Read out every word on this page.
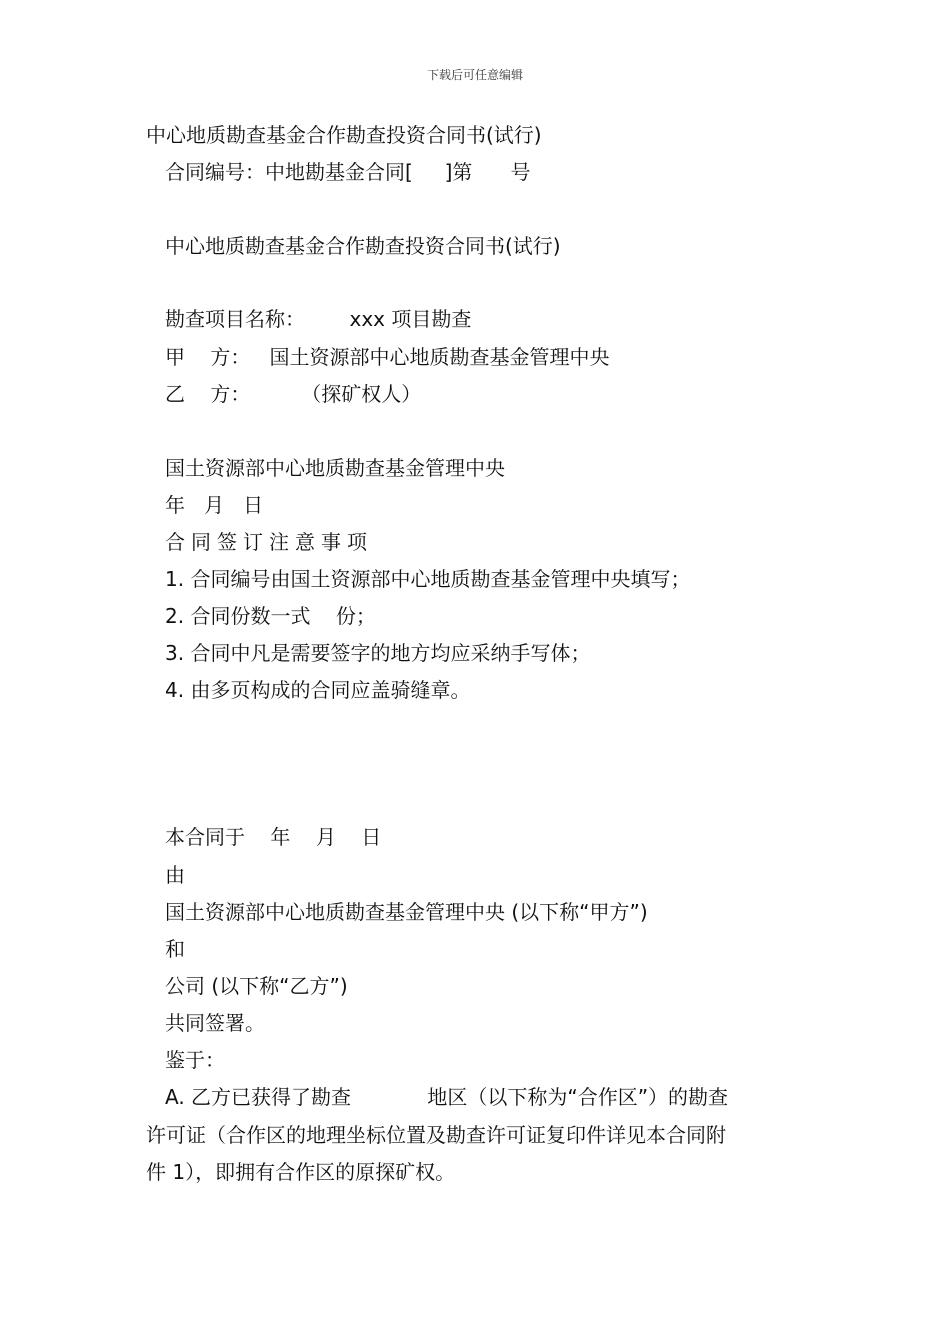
下载后可任意编辑
中心地质勘查基金合作勘查投资合同书(试行)
合同编号：中地勘基金合同[     ]第      号
中心地质勘查基金合作勘查投资合同书(试行)
勘查项目名称：       xxx 项目勘查
甲    方：   国土资源部中心地质勘查基金管理中央
乙    方：        （探矿权人）
国土资源部中心地质勘查基金管理中央
年   月   日
合同签订注意事项
1. 合同编号由国土资源部中心地质勘查基金管理中央填写；
2. 合同份数一式    份；
3. 合同中凡是需要签字的地方均应采纳手写体；
4. 由多页构成的合同应盖骑缝章。
本合同于    年    月    日
由
国土资源部中心地质勘查基金管理中央 (以下称“甲方”)
和
公司 (以下称“乙方”)
共同签署。
鉴于：
A. 乙方已获得了勘查            地区（以下称为“合作区”）的勘查
许可证（合作区的地理坐标位置及勘查许可证复印件详见本合同附
件 1），即拥有合作区的原探矿权。
